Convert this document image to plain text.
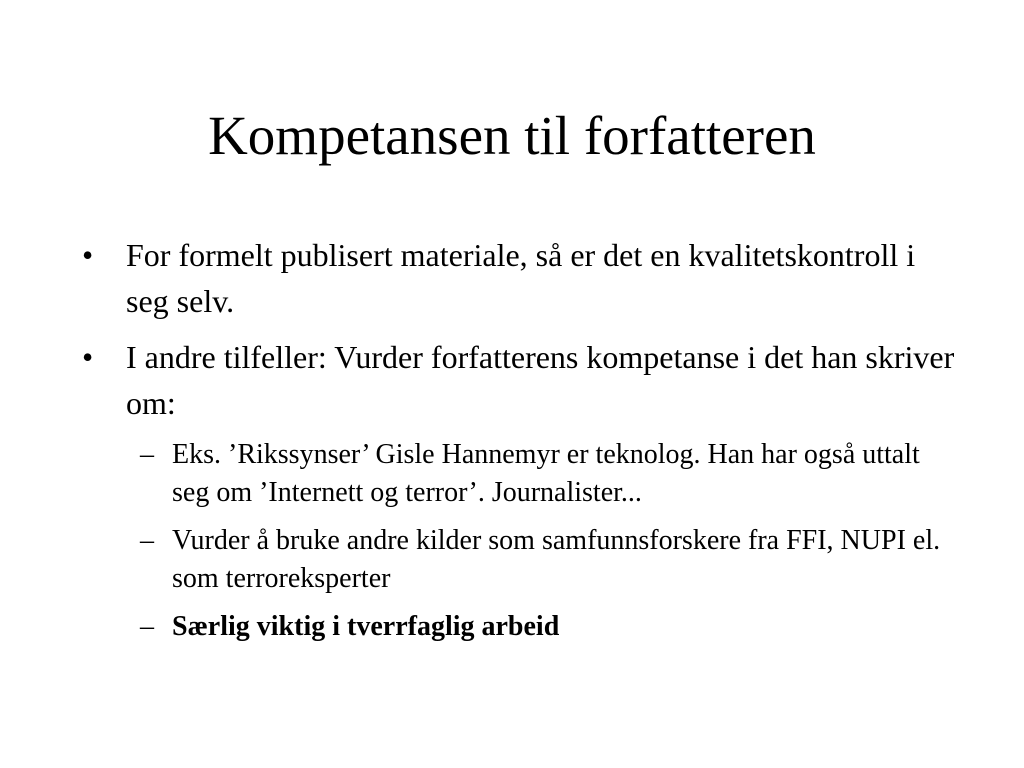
Kompetansen til forfatteren
• For formelt publisert materiale, så er det en kvalitetskontroll i seg selv.
• I andre tilfeller: Vurder forfatterens kompetanse i det han skriver om:
– Eks. ’Rikssynser’ Gisle Hannemyr er teknolog. Han har også uttalt seg om ’Internett og terror’. Journalister...
– Vurder å bruke andre kilder som samfunnsforskere fra FFI, NUPI el. som terroreksperter
– Særlig viktig i tverrfaglig arbeid
